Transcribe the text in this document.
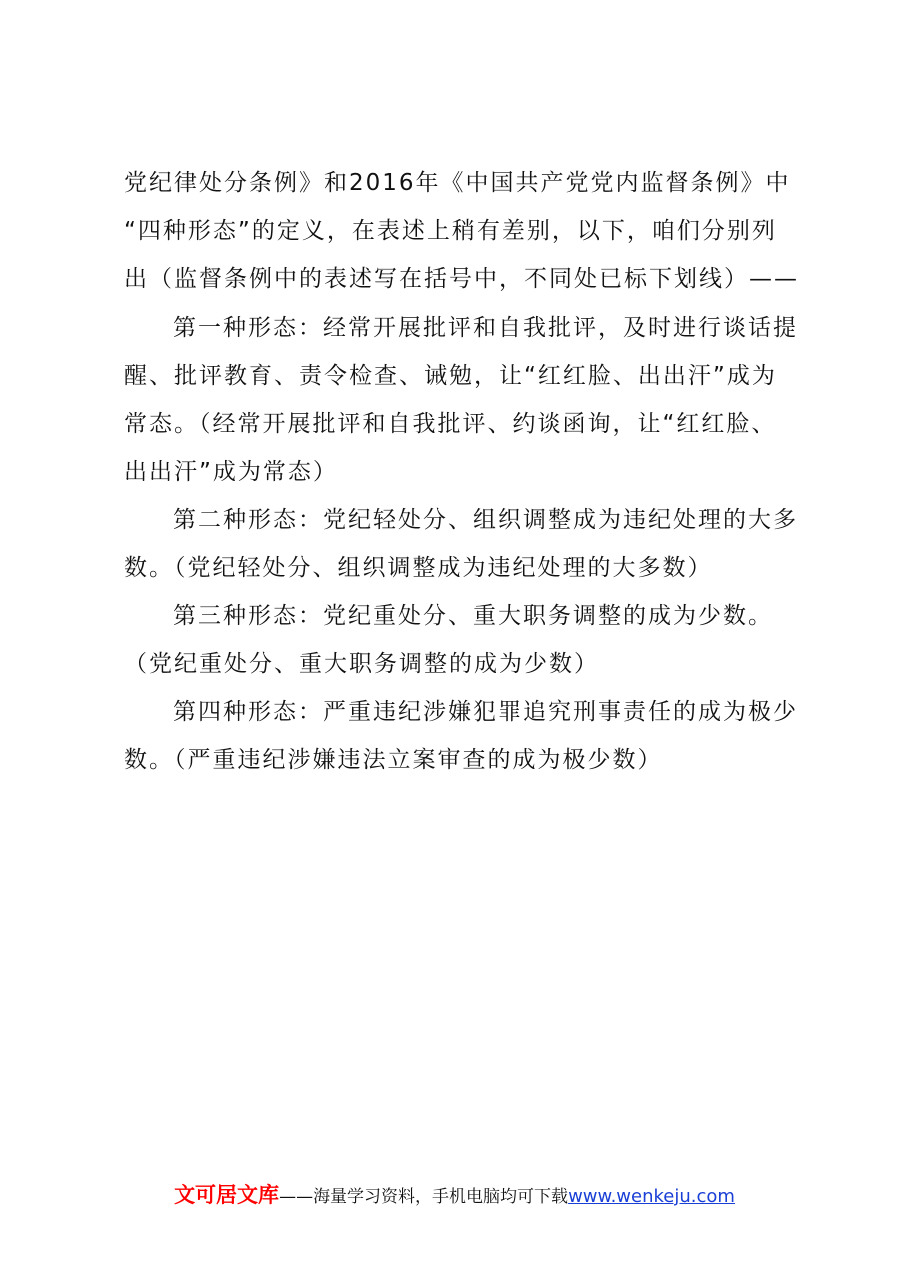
党纪律处分条例》和2016年《中国共产党党内监督条例》中
“四种形态”的定义，在表述上稍有差别，以下，咱们分别列
出（监督条例中的表述写在括号中，不同处已标下划线）——
第一种形态：经常开展批评和自我批评，及时进行谈话提
醒、批评教育、责令检查、诫勉，让“红红脸、出出汗”成为
常态。（经常开展批评和自我批评、约谈函询，让“红红脸、
出出汗”成为常态）
第二种形态：党纪轻处分、组织调整成为违纪处理的大多
数。（党纪轻处分、组织调整成为违纪处理的大多数）
第三种形态：党纪重处分、重大职务调整的成为少数。
（党纪重处分、重大职务调整的成为少数）
第四种形态：严重违纪涉嫌犯罪追究刑事责任的成为极少
数。（严重违纪涉嫌违法立案审查的成为极少数）
文可居文库——海量学习资料，手机电脑均可下载www.wenkeju.com
